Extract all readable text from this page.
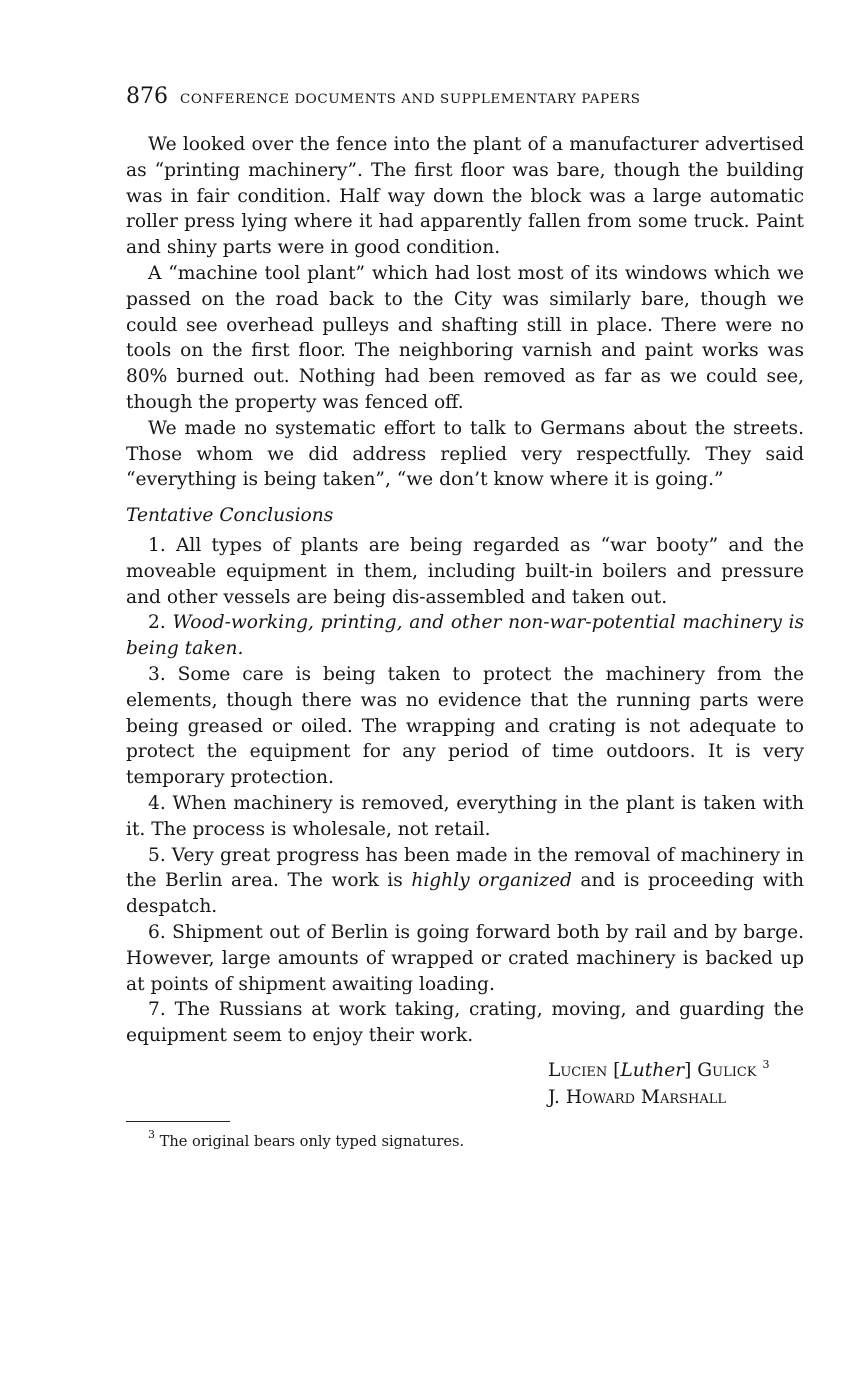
876 CONFERENCE DOCUMENTS AND SUPPLEMENTARY PAPERS

We looked over the fence into the plant of a manufacturer advertised as “printing machinery”. The first floor was bare, though the building was in fair condition. Half way down the block was a large automatic roller press lying where it had apparently fallen from some truck. Paint and shiny parts were in good condition.

A “machine tool plant” which had lost most of its windows which we passed on the road back to the City was similarly bare, though we could see overhead pulleys and shafting still in place. There were no tools on the first floor. The neighboring varnish and paint works was 80% burned out. Nothing had been removed as far as we could see, though the property was fenced off.

We made no systematic effort to talk to Germans about the streets. Those whom we did address replied very respectfully. They said “everything is being taken”, “we don’t know where it is going.”

Tentative Conclusions

1. All types of plants are being regarded as “war booty” and the moveable equipment in them, including built-in boilers and pressure and other vessels are being dis-assembled and taken out.

2. Wood-working, printing, and other non-war-potential machinery is being taken.

3. Some care is being taken to protect the machinery from the elements, though there was no evidence that the running parts were being greased or oiled. The wrapping and crating is not adequate to protect the equipment for any period of time outdoors. It is very temporary protection.

4. When machinery is removed, everything in the plant is taken with it. The process is wholesale, not retail.

5. Very great progress has been made in the removal of machinery in the Berlin area. The work is highly organized and is proceeding with despatch.

6. Shipment out of Berlin is going forward both by rail and by barge. However, large amounts of wrapped or crated machinery is backed up at points of shipment awaiting loading.

7. The Russians at work taking, crating, moving, and guarding the equipment seem to enjoy their work.

Lucien [Luther] Gulick $^3$
J. Howard Marshall
$^3$ The original bears only typed signatures.
